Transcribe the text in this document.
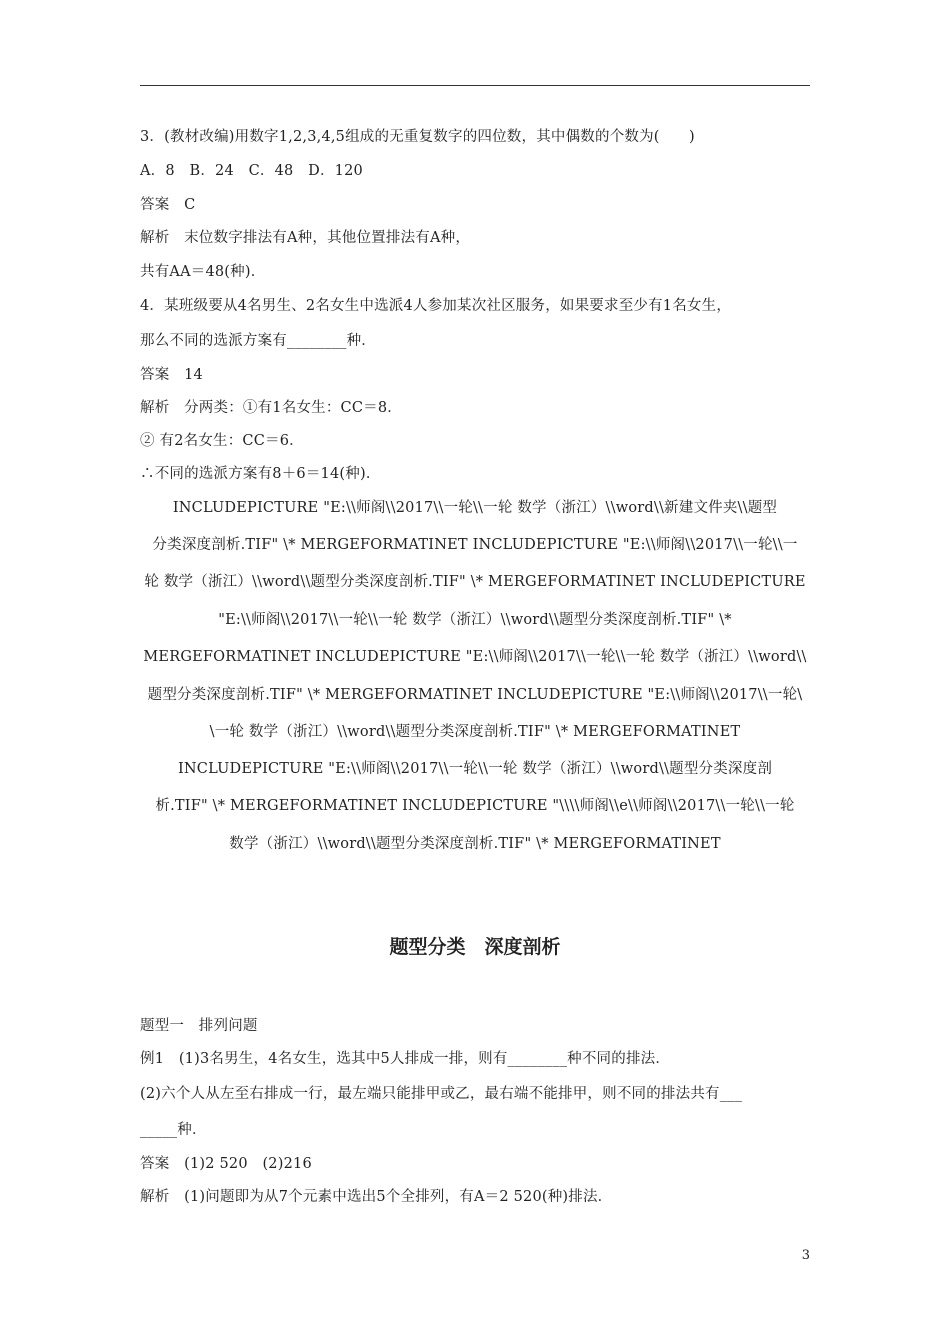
3．(教材改编)用数字1,2,3,4,5组成的无重复数字的四位数，其中偶数的个数为(　　)
A．8　B．24　C．48　D．120
答案　C
解析　末位数字排法有A种，其他位置排法有A种，
共有AA＝48(种)．
4．某班级要从4名男生、2名女生中选派4人参加某次社区服务，如果要求至少有1名女生，
那么不同的选派方案有________种．
答案　14
解析　分两类：①有1名女生：CC＝8．
② 有2名女生：CC＝6．
∴不同的选派方案有8＋6＝14(种)．
INCLUDEPICTURE "E:\\师阁\\2017\\一轮\\一轮 数学（浙江）\\word\\新建文件夹\\题型
分类深度剖析.TIF" \* MERGEFORMATINET INCLUDEPICTURE "E:\\师阁\\2017\\一轮\\一
轮 数学（浙江）\\word\\题型分类深度剖析.TIF" \* MERGEFORMATINET INCLUDEPICTURE
"E:\\师阁\\2017\\一轮\\一轮 数学（浙江）\\word\\题型分类深度剖析.TIF" \*
MERGEFORMATINET INCLUDEPICTURE "E:\\师阁\\2017\\一轮\\一轮 数学（浙江）\\word\\
题型分类深度剖析.TIF" \* MERGEFORMATINET INCLUDEPICTURE "E:\\师阁\\2017\\一轮\
\一轮 数学（浙江）\\word\\题型分类深度剖析.TIF" \* MERGEFORMATINET
INCLUDEPICTURE "E:\\师阁\\2017\\一轮\\一轮 数学（浙江）\\word\\题型分类深度剖
析.TIF" \* MERGEFORMATINET INCLUDEPICTURE "\\\\师阁\\e\\师阁\\2017\\一轮\\一轮
数学（浙江）\\word\\题型分类深度剖析.TIF" \* MERGEFORMATINET
题型分类　深度剖析
题型一　排列问题
例1　(1)3名男生，4名女生，选其中5人排成一排，则有________种不同的排法．
(2)六个人从左至右排成一行，最左端只能排甲或乙，最右端不能排甲，则不同的排法共有___
_____种．
答案　(1)2 520　(2)216
解析　(1)问题即为从7个元素中选出5个全排列，有A＝2 520(种)排法．
3
